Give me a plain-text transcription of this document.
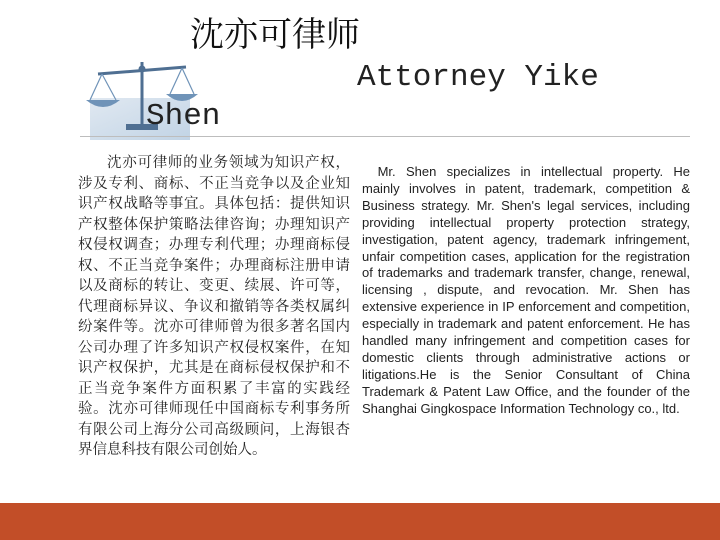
沈亦可律师
Attorney Yike
Shen
沈亦可律师的业务领域为知识产权，涉及专利、商标、不正当竞争以及企业知识产权战略等事宜。具体包括：提供知识产权整体保护策略法律咨询；办理知识产权侵权调查；办理专利代理；办理商标侵权、不正当竞争案件；办理商标注册申请以及商标的转让、变更、续展、许可等，代理商标异议、争议和撤销等各类权属纠纷案件等。沈亦可律师曾为很多著名国内公司办理了许多知识产权侵权案件，在知识产权保护，尤其是在商标侵权保护和不正当竞争案件方面积累了丰富的实践经验。沈亦可律师现任中国商标专利事务所有限公司上海分公司高级顾问，上海银杏界信息科技有限公司创始人。
Mr. Shen specializes in intellectual property. He mainly involves in patent, trademark, competition & Business strategy. Mr. Shen's legal services, including providing intellectual property protection strategy, investigation, patent agency, trademark infringement, unfair competition cases, application for the registration of trademarks and trademark transfer, change, renewal, licensing , dispute, and revocation. Mr. Shen has extensive experience in IP enforcement and competition, especially in trademark and patent enforcement. He has handled many infringement and competition cases for domestic clients through administrative actions or litigations.He is the Senior Consultant of China Trademark & Patent Law Office, and the founder of the Shanghai Gingkospace Information Technology co., ltd.
